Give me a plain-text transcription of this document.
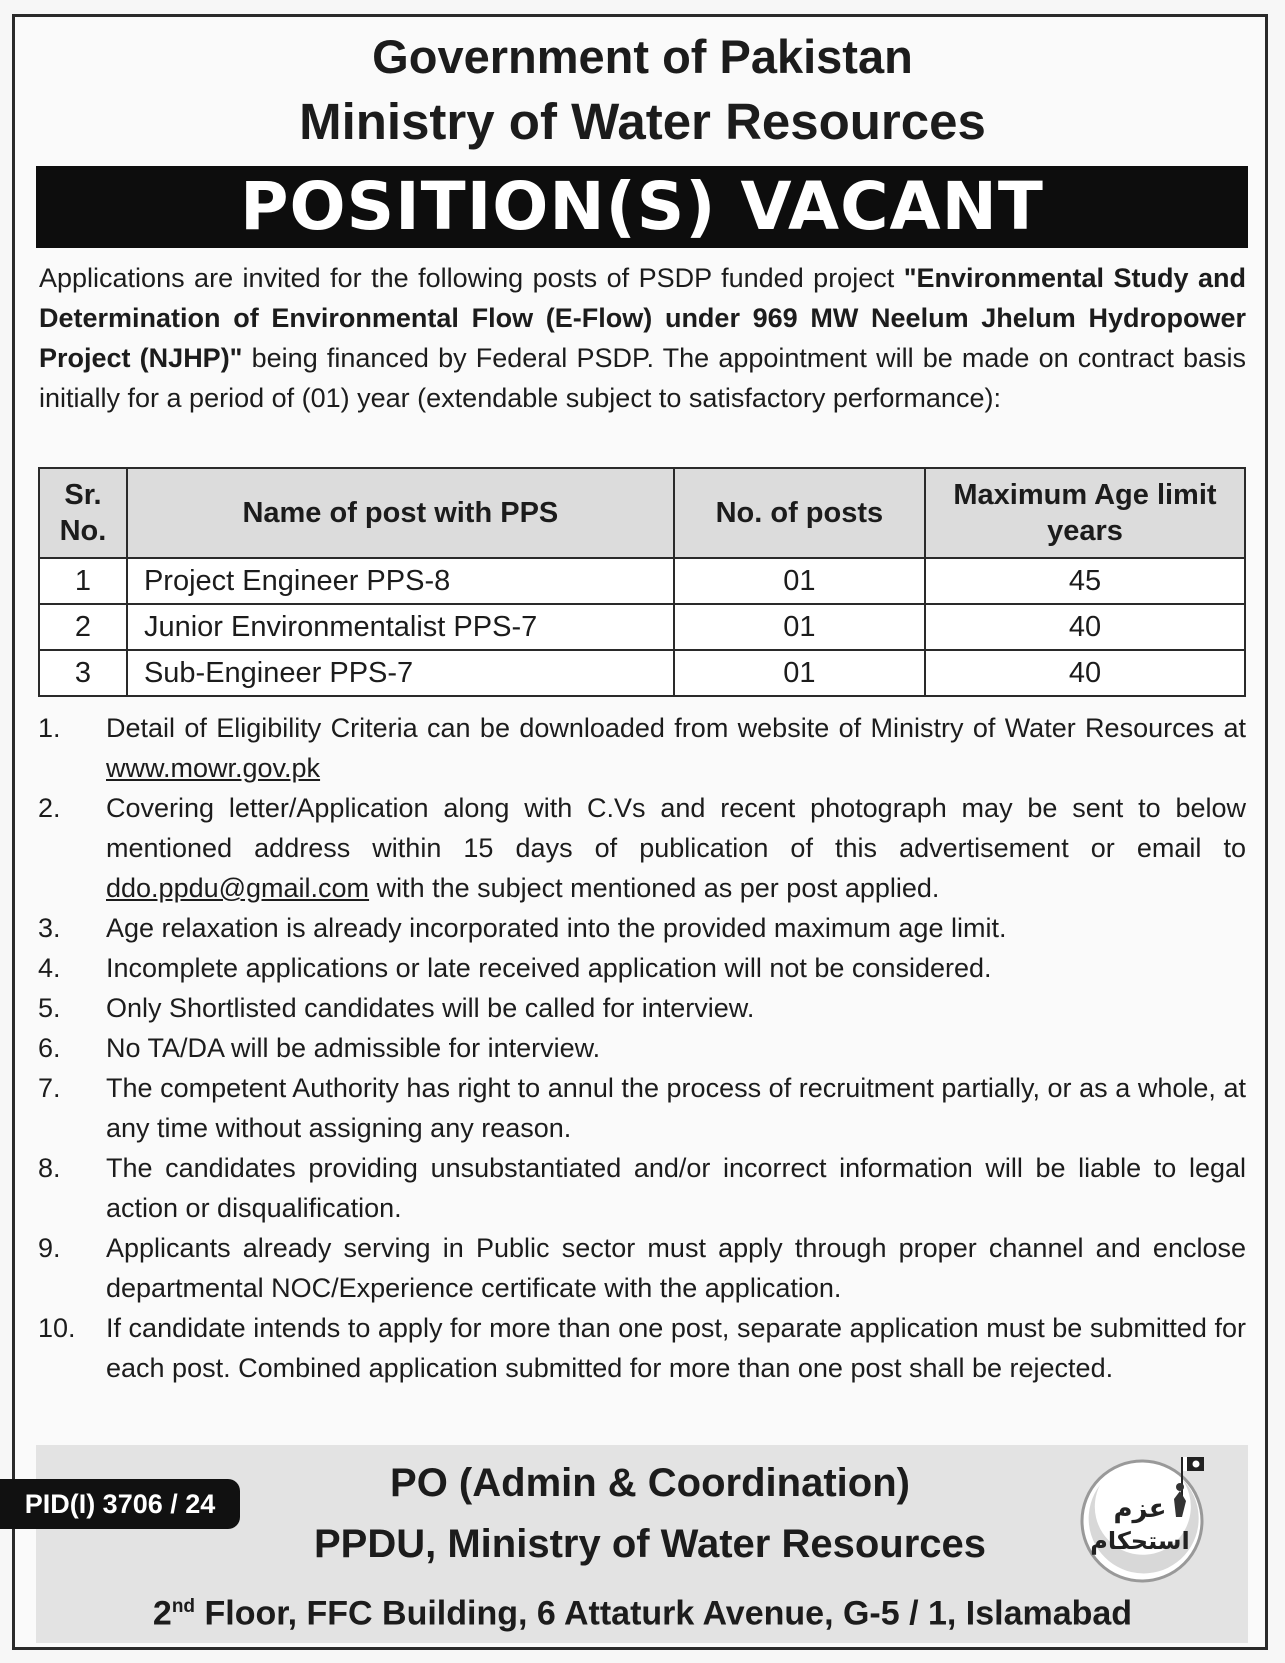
Government of Pakistan
Ministry of Water Resources
POSITION(S) VACANT
Applications are invited for the following posts of PSDP funded project "Environmental Study and Determination of Environmental Flow (E-Flow) under 969 MW Neelum Jhelum Hydropower Project (NJHP)" being financed by Federal PSDP. The appointment will be made on contract basis initially for a period of (01) year (extendable subject to satisfactory performance):
Sr. No.	Name of post with PPS	No. of posts	Maximum Age limit years
1	Project Engineer PPS-8	01	45
2	Junior Environmentalist PPS-7	01	40
3	Sub-Engineer PPS-7	01	40
1. Detail of Eligibility Criteria can be downloaded from website of Ministry of Water Resources at www.mowr.gov.pk
2. Covering letter/Application along with C.Vs and recent photograph may be sent to below mentioned address within 15 days of publication of this advertisement or email to ddo.ppdu@gmail.com with the subject mentioned as per post applied.
3. Age relaxation is already incorporated into the provided maximum age limit.
4. Incomplete applications or late received application will not be considered.
5. Only Shortlisted candidates will be called for interview.
6. No TA/DA will be admissible for interview.
7. The competent Authority has right to annul the process of recruitment partially, or as a whole, at any time without assigning any reason.
8. The candidates providing unsubstantiated and/or incorrect information will be liable to legal action or disqualification.
9. Applicants already serving in Public sector must apply through proper channel and enclose departmental NOC/Experience certificate with the application.
10. If candidate intends to apply for more than one post, separate application must be submitted for each post. Combined application submitted for more than one post shall be rejected.
PO (Admin & Coordination)
PPDU, Ministry of Water Resources
2nd Floor, FFC Building, 6 Attaturk Avenue, G-5 / 1, Islamabad
PID(I) 3706 / 24	عزم
استحکام
